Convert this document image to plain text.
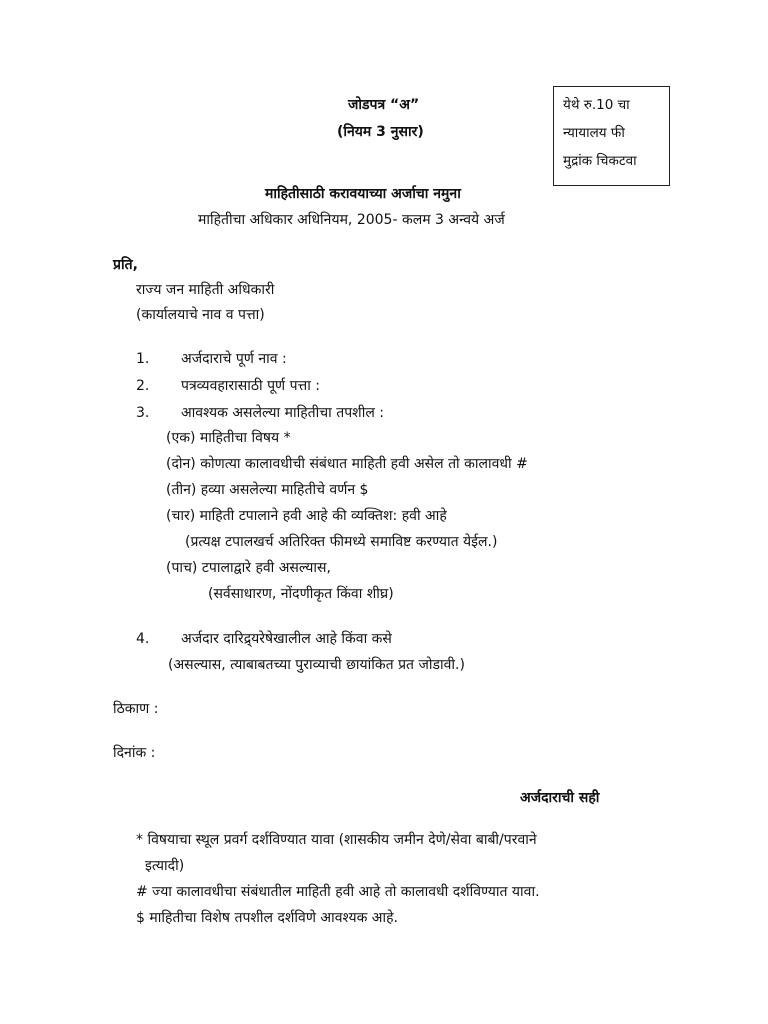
जोडपत्र “अ”
(नियम 3 नुसार)
येथे रु.10 चा
न्यायालय फी
मुद्रांक चिकटवा
माहितीसाठी करावयाच्या अर्जाचा नमुना
माहितीचा अधिकार अधिनियम, 2005- कलम 3 अन्वये अर्ज
प्रति,
राज्य जन माहिती अधिकारी
(कार्यालयाचे नाव व पत्ता)
1. अर्जदाराचे पूर्ण नाव :
2. पत्रव्यवहारासाठी पूर्ण पत्ता :
3. आवश्यक असलेल्या माहितीचा तपशील :
(एक) माहितीचा विषय *
(दोन) कोणत्या कालावधीची संबंधात माहिती हवी असेल तो कालावधी #
(तीन) हव्या असलेल्या माहितीचे वर्णन $
(चार) माहिती टपालाने हवी आहे की व्यक्तिश: हवी आहे
(प्रत्यक्ष टपालखर्च अतिरिक्त फीमध्ये समाविष्ट करण्यात येईल.)
(पाच) टपालाद्वारे हवी असल्यास,
(सर्वसाधारण, नोंदणीकृत किंवा शीघ्र)
4. अर्जदार दारिद्र्यरेषेखालील आहे किंवा कसे
(असल्यास, त्याबाबतच्या पुराव्याची छायांकित प्रत जोडावी.)
ठिकाण :
दिनांक :
अर्जदाराची सही
* विषयाचा स्थूल प्रवर्ग दर्शविण्यात यावा (शासकीय जमीन देणे/सेवा बाबी/परवाने
इत्यादी)
# ज्या कालावधीचा संबंधातील माहिती हवी आहे तो कालावधी दर्शविण्यात यावा.
$ माहितीचा विशेष तपशील दर्शविणे आवश्यक आहे.
